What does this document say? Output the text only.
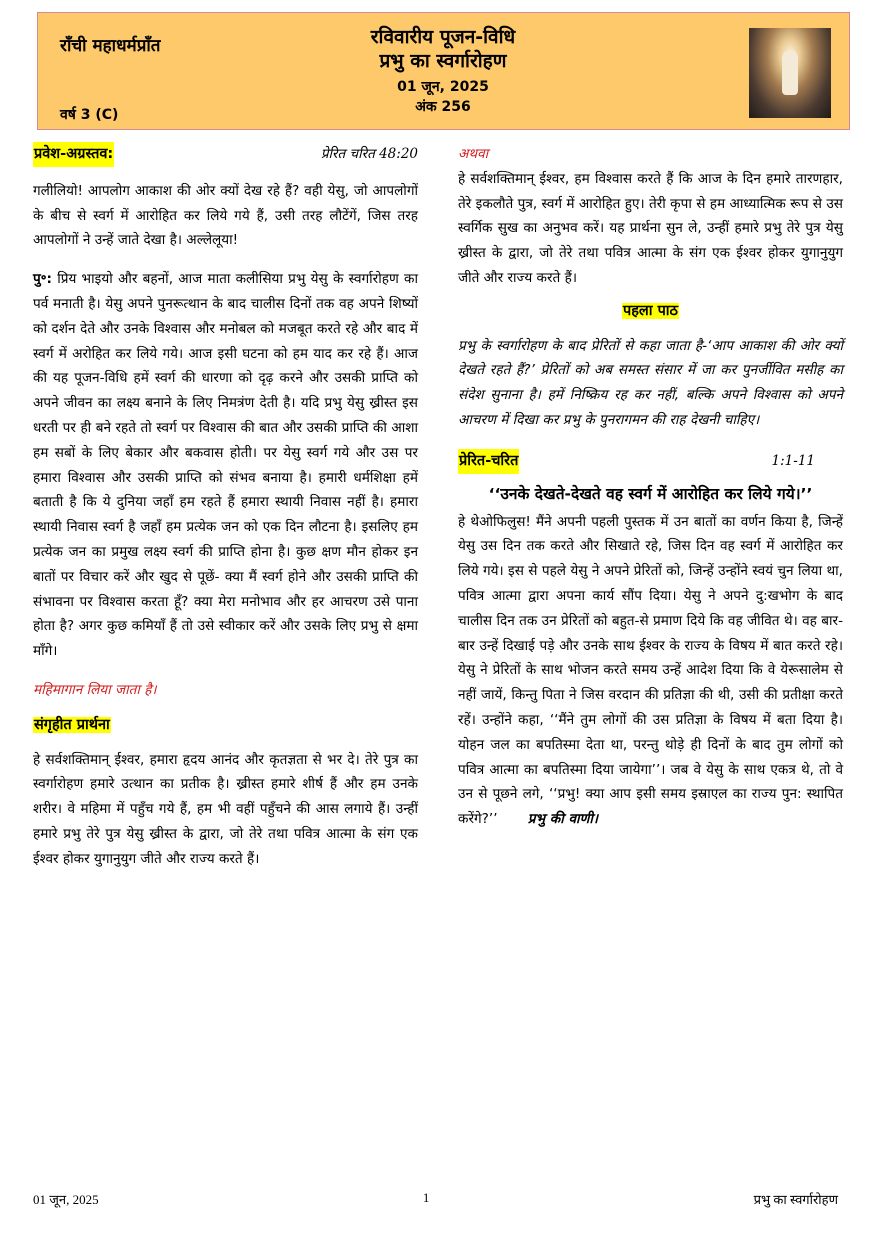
राँची महाधर्मप्राँत
वर्ष 3 (C)
रविवारीय पूजन-विधि
प्रभु का स्वर्गारोहण
01 जून, 2025
अंक 256
प्रवेश-अग्रस्तव:	प्रेरित चरित 48:20

गलीलियो! आपलोग आकाश की ओर क्यों देख रहे हैं? वही येसु, जो आपलोगों के बीच से स्वर्ग में आरोहित कर लिये गये हैं, उसी तरह लौटेंगें, जिस तरह आपलोगों ने उन्हें जाते देखा है। अल्लेलूया!

पु॰: प्रिय भाइयो और बहनों, आज माता कलीसिया प्रभु येसु के स्वर्गारोहण का पर्व मनाती है। येसु अपने पुनरूत्थान के बाद चालीस दिनों तक वह अपने शिष्यों को दर्शन देते और उनके विश्वास और मनोबल को मजबूत करते रहे और बाद में स्वर्ग में अरोहित कर लिये गये। आज इसी घटना को हम याद कर रहे हैं। आज की यह पूजन-विधि हमें स्वर्ग की धारणा को दृढ़ करने और उसकी प्राप्ति को अपने जीवन का लक्ष्य बनाने के लिए निमत्रंण देती है। यदि प्रभु येसु ख्रीस्त इस धरती पर ही बने रहते तो स्वर्ग पर विश्वास की बात और उसकी प्राप्ति की आशा हम सबों के लिए बेकार और बकवास होती। पर येसु स्वर्ग गये और उस पर हमारा विश्वास और उसकी प्राप्ति को संभव बनाया है। हमारी धर्मशिक्षा हमें बताती है कि ये दुनिया जहाँ हम रहते हैं हमारा स्थायी निवास नहीं है। हमारा स्थायी निवास स्वर्ग है जहाँ हम प्रत्येक जन को एक दिन लौटना है। इसलिए हम प्रत्येक जन का प्रमुख लक्ष्य स्वर्ग की प्राप्ति होना है। कुछ क्षण मौन होकर इन बातों पर विचार करें और खुद से पूछें- क्या मैं स्वर्ग होने और उसकी प्राप्ति की संभावना पर विश्वास करता हूँ? क्या मेरा मनोभाव और हर आचरण उसे पाना होता है? अगर कुछ कमियाँ हैं तो उसे स्वीकार करें और उसके लिए प्रभु से क्षमा माँगे।

महिमागान लिया जाता है।

संगृहीत प्रार्थना

हे सर्वशक्तिमान् ईश्वर, हमारा हृदय आनंद और कृतज्ञता से भर दे। तेरे पुत्र का स्वर्गारोहण हमारे उत्थान का प्रतीक है। ख्रीस्त हमारे शीर्ष हैं और हम उनके शरीर। वे महिमा में पहुँच गये हैं, हम भी वहीं पहुँचने की आस लगाये हैं। उन्हीं हमारे प्रभु तेरे पुत्र येसु ख्रीस्त के द्वारा, जो तेरे तथा पवित्र आत्मा के संग एक ईश्वर होकर युगानुयुग जीते और राज्य करते हैं।

अथवा

हे सर्वशक्तिमान् ईश्वर, हम विश्वास करते हैं कि आज के दिन हमारे तारणहार, तेरे इकलौते पुत्र, स्वर्ग में आरोहित हुए। तेरी कृपा से हम आध्यात्मिक रूप से उस स्वर्गिक सुख का अनुभव करें। यह प्रार्थना सुन ले, उन्हीं हमारे प्रभु तेरे पुत्र येसु ख्रीस्त के द्वारा, जो तेरे तथा पवित्र आत्मा के संग एक ईश्वर होकर युगानुयुग जीते और राज्य करते हैं।

पहला पाठ

प्रभु के स्वर्गारोहण के बाद प्रेरितों से कहा जाता है-‘आप आकाश की ओर क्यों देखते रहते हैं?’ प्रेरितों को अब समस्त संसार में जा कर पुनर्जीवित मसीह का संदेश सुनाना है। हमें निष्क्रिय रह कर नहीं, बल्कि अपने विश्वास को अपने आचरण में दिखा कर प्रभु के पुनरागमन की राह देखनी चाहिए।

प्रेरित-चरित	1:1-11
‘‘उनके देखते-देखते वह स्वर्ग में आरोहित कर लिये गये।’’

हे थेओफिलुस! मैंने अपनी पहली पुस्तक में उन बातों का वर्णन किया है, जिन्हें येसु उस दिन तक करते और सिखाते रहे, जिस दिन वह स्वर्ग में आरोहित कर लिये गये। इस से पहले येसु ने अपने प्रेरितों को, जिन्हें उन्होंने स्वयं चुन लिया था, पवित्र आत्मा द्वारा अपना कार्य सौंप दिया। येसु ने अपने दु:खभोग के बाद चालीस दिन तक उन प्रेरितों को बहुत-से प्रमाण दिये कि वह जीवित थे। वह बार-बार उन्हें दिखाई पड़े और उनके साथ ईश्वर के राज्य के विषय में बात करते रहे। येसु ने प्रेरितों के साथ भोजन करते समय उन्हें आदेश दिया कि वे येरूसालेम से नहीं जायें, किन्तु पिता ने जिस वरदान की प्रतिज्ञा की थी, उसी की प्रतीक्षा करते रहें। उन्होंने कहा, ‘‘मैंने तुम लोगों की उस प्रतिज्ञा के विषय में बता दिया है। योहन जल का बपतिस्मा देता था, परन्तु थोड़े ही दिनों के बाद तुम लोगों को पवित्र आत्मा का बपतिस्मा दिया जायेगा’’। जब वे येसु के साथ एकत्र थे, तो वे उन से पूछने लगे, ‘‘प्रभु! क्या आप इसी समय इस्राएल का राज्य पुन: स्थापित करेंगे?’’ प्रभु की वाणी।

01 जून, 2025	1	प्रभु का स्वर्गारोहण
